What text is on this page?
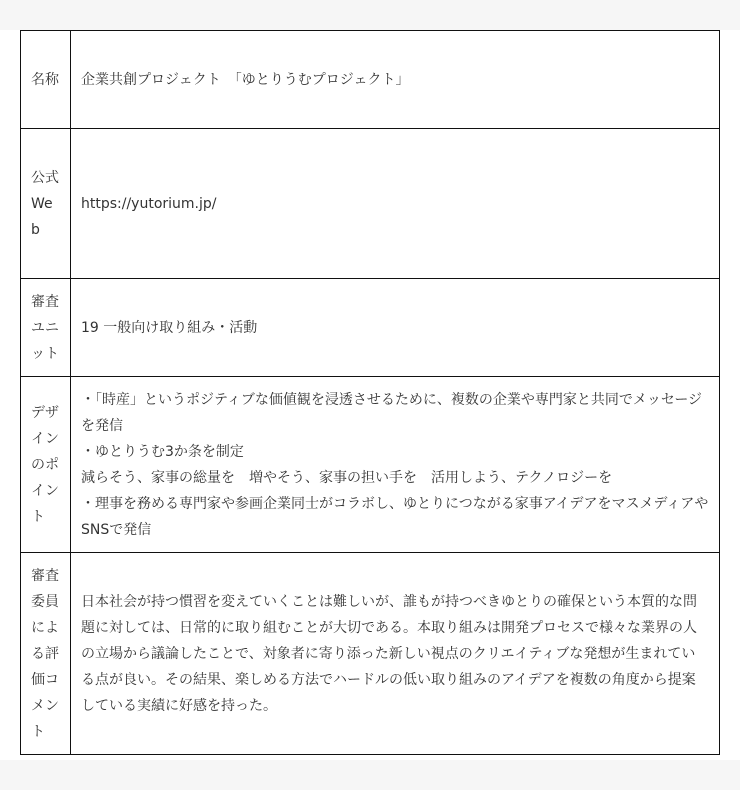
名称	企業共創プロジェクト　「ゆとりうむプロジェクト」

公式Web	https://yutorium.jp/

審査ユニット	19 一般向け取り組み・活動

デザインのポイント	・「時産」というポジティブな価値観を浸透させるために、複数の企業や専門家と共同でメッセージを発信
・ゆとりうむ3か条を制定
減らそう、家事の総量を　増やそう、家事の担い手を　活用しよう、テクノロジーを
・理事を務める専門家や参画企業同士がコラボし、ゆとりにつながる家事アイデアをマスメディアやSNSで発信

審査委員による評価コメント	日本社会が持つ慣習を変えていくことは難しいが、誰もが持つべきゆとりの確保という本質的な問題に対しては、日常的に取り組むことが大切である。本取り組みは開発プロセスで様々な業界の人の立場から議論したことで、対象者に寄り添った新しい視点のクリエイティブな発想が生まれている点が良い。その結果、楽しめる方法でハードルの低い取り組みのアイデアを複数の角度から提案している実績に好感を持った。
